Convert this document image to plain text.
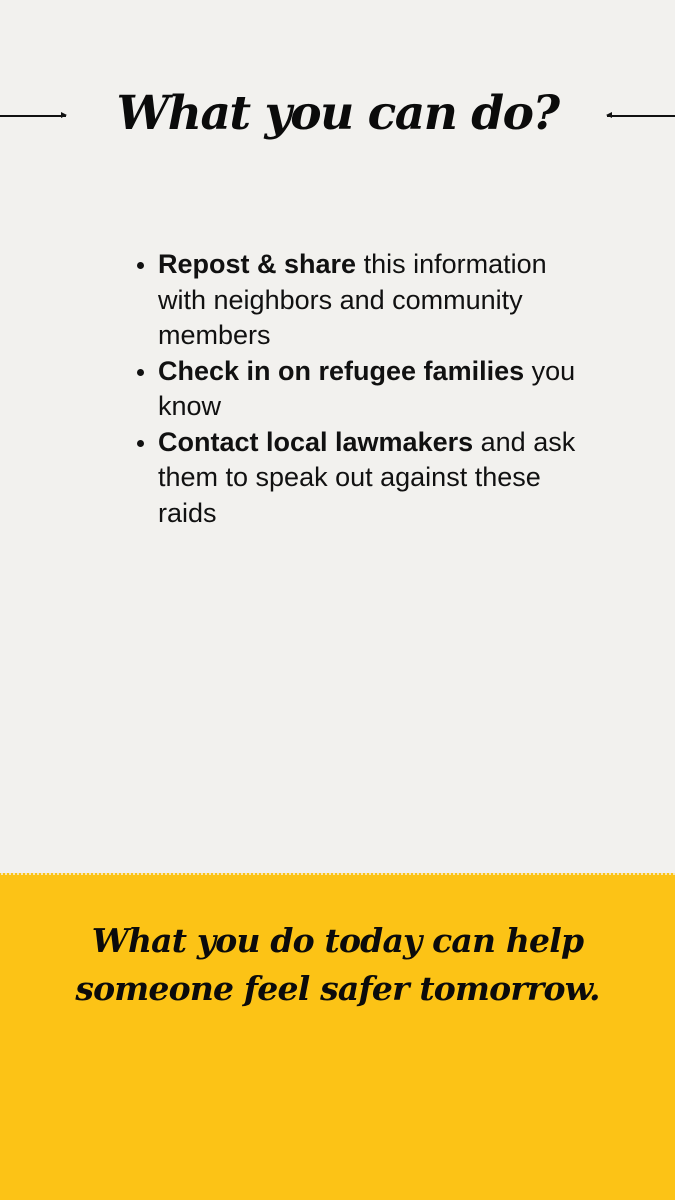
What you can do?
Repost & share this information with neighbors and community members
Check in on refugee families you know
Contact local lawmakers and ask them to speak out against these raids

What you do today can help someone feel safer tomorrow.
